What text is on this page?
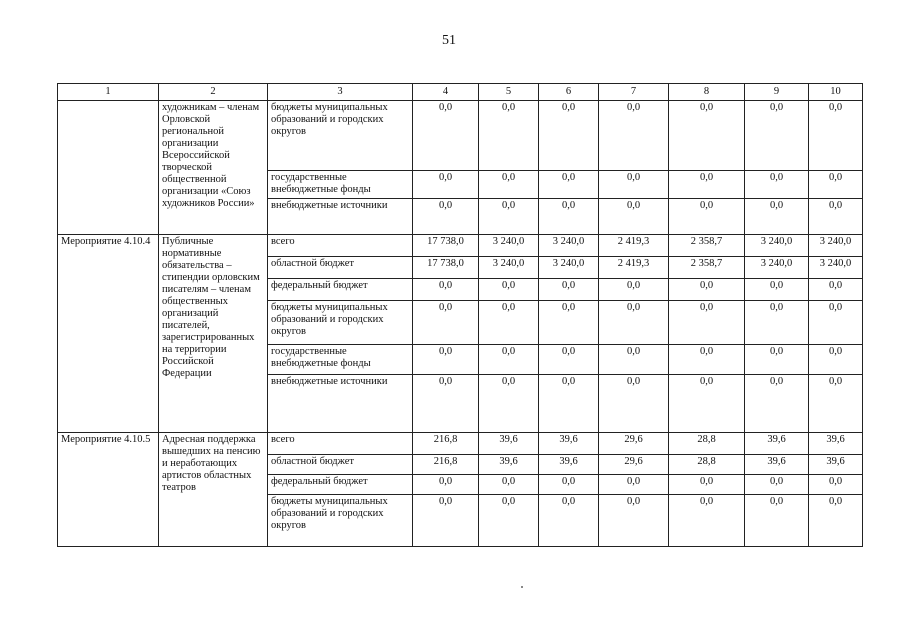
51
1	2	3	4	5	6	7	8	9	10
	художникам – членам Орловской региональной организации Всероссийской творческой общественной организации «Союз художников России»	бюджеты муниципальных образований и городских округов	0,0	0,0	0,0	0,0	0,0	0,0	0,0
		государственные внебюджетные фонды	0,0	0,0	0,0	0,0	0,0	0,0	0,0
		внебюджетные источники	0,0	0,0	0,0	0,0	0,0	0,0	0,0
Мероприятие 4.10.4	Публичные нормативные обязательства – стипендии орловским писателям – членам общественных организаций писателей, зарегистрированных на территории Российской Федерации	всего	17 738,0	3 240,0	3 240,0	2 419,3	2 358,7	3 240,0	3 240,0
		областной бюджет	17 738,0	3 240,0	3 240,0	2 419,3	2 358,7	3 240,0	3 240,0
		федеральный бюджет	0,0	0,0	0,0	0,0	0,0	0,0	0,0
		бюджеты муниципальных образований и городских округов	0,0	0,0	0,0	0,0	0,0	0,0	0,0
		государственные внебюджетные фонды	0,0	0,0	0,0	0,0	0,0	0,0	0,0
		внебюджетные источники	0,0	0,0	0,0	0,0	0,0	0,0	0,0
Мероприятие 4.10.5	Адресная поддержка вышедших на пенсию и неработающих артистов областных театров	всего	216,8	39,6	39,6	29,6	28,8	39,6	39,6
		областной бюджет	216,8	39,6	39,6	29,6	28,8	39,6	39,6
		федеральный бюджет	0,0	0,0	0,0	0,0	0,0	0,0	0,0
		бюджеты муниципальных образований и городских округов	0,0	0,0	0,0	0,0	0,0	0,0	0,0
